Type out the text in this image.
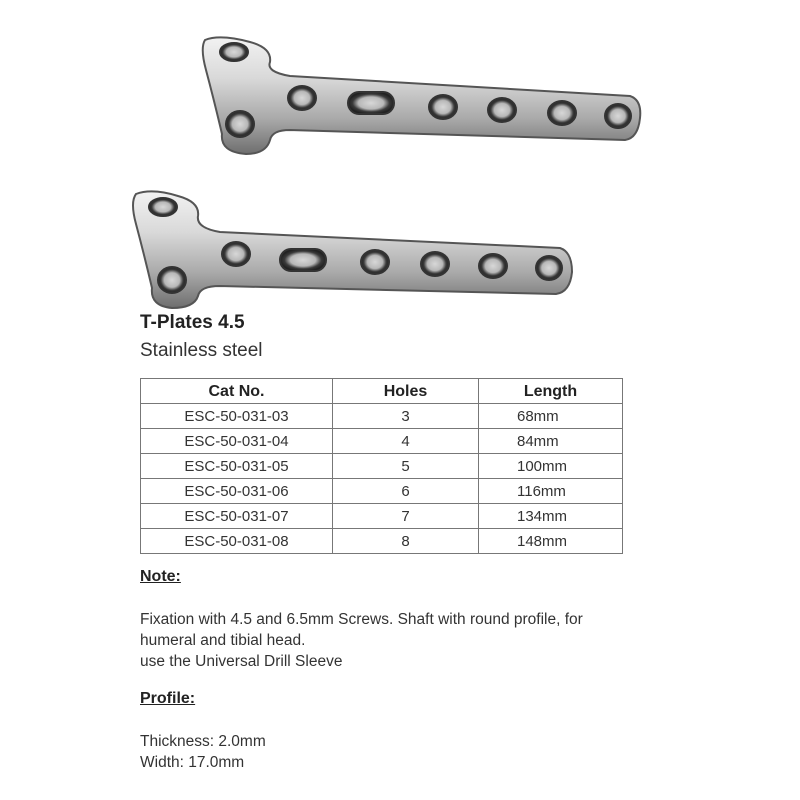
T-Plates 4.5
Stainless steel
Cat No.	Holes	Length
ESC-50-031-03	3	68mm
ESC-50-031-04	4	84mm
ESC-50-031-05	5	100mm
ESC-50-031-06	6	116mm
ESC-50-031-07	7	134mm
ESC-50-031-08	8	148mm
Note:
Fixation with 4.5 and 6.5mm Screws. Shaft with round profile, for
humeral and tibial head.
use the Universal Drill Sleeve
Profile:
Thickness: 2.0mm
Width: 17.0mm
